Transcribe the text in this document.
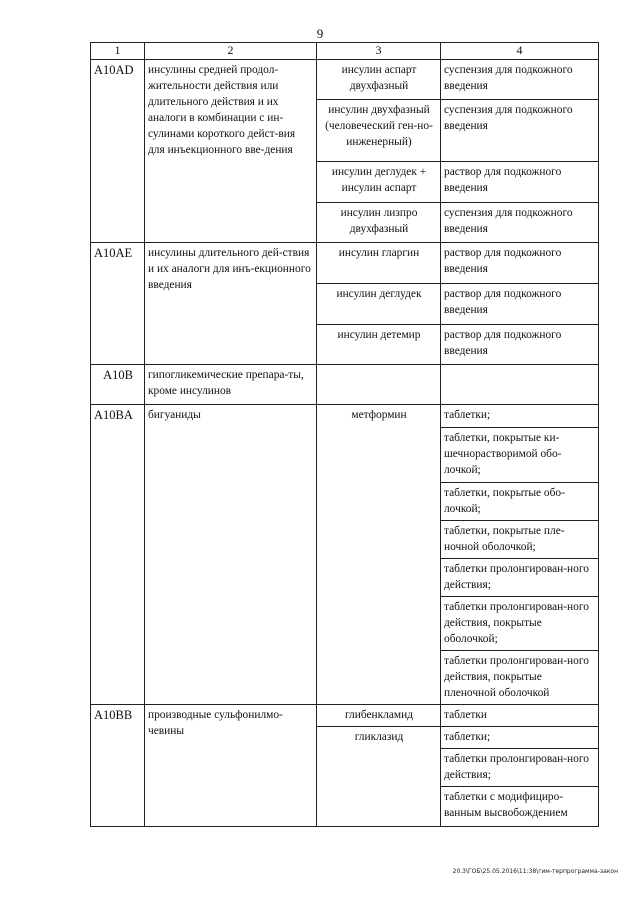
9
1	2	3	4
A10AD	инсулины средней продол-жительности действия или длительного действия и их аналоги в комбинации с ин-сулинами короткого дейст-вия для инъекционного вве-дения	инсулин аспарт двухфазный	суспензия для подкожного введения
		инсулин двухфазный (человеческий ген-но-инженерный)	суспензия для подкожного введения
		инсулин деглудек + инсулин аспарт	раствор для подкожного введения
		инсулин лизпро двухфазный	суспензия для подкожного введения
A10AE	инсулины длительного дей-ствия и их аналоги для инъ-екционного введения	инсулин гларгин	раствор для подкожного введения
		инсулин деглудек	раствор для подкожного введения
		инсулин детемир	раствор для подкожного введения
A10B	гипогликемические препара-ты, кроме инсулинов		
A10BA	бигуаниды	метформин	таблетки;
			таблетки, покрытые ки-шечнорастворимой обо-лочкой;
			таблетки, покрытые обо-лочкой;
			таблетки, покрытые пле-ночной оболочкой;
			таблетки пролонгирован-ного действия;
			таблетки пролонгирован-ного действия, покрытые оболочкой;
			таблетки пролонгирован-ного действия, покрытые пленочной оболочкой
A10BB	производные сульфонилмо-чевины	глибенкламид	таблетки
		гликлазид	таблетки;
			таблетки пролонгирован-ного действия;
			таблетки с модифициро-ванным высвобождением
20.3\ГОБ\25.05.2016\11:38\гим-терпрограмма-закон
